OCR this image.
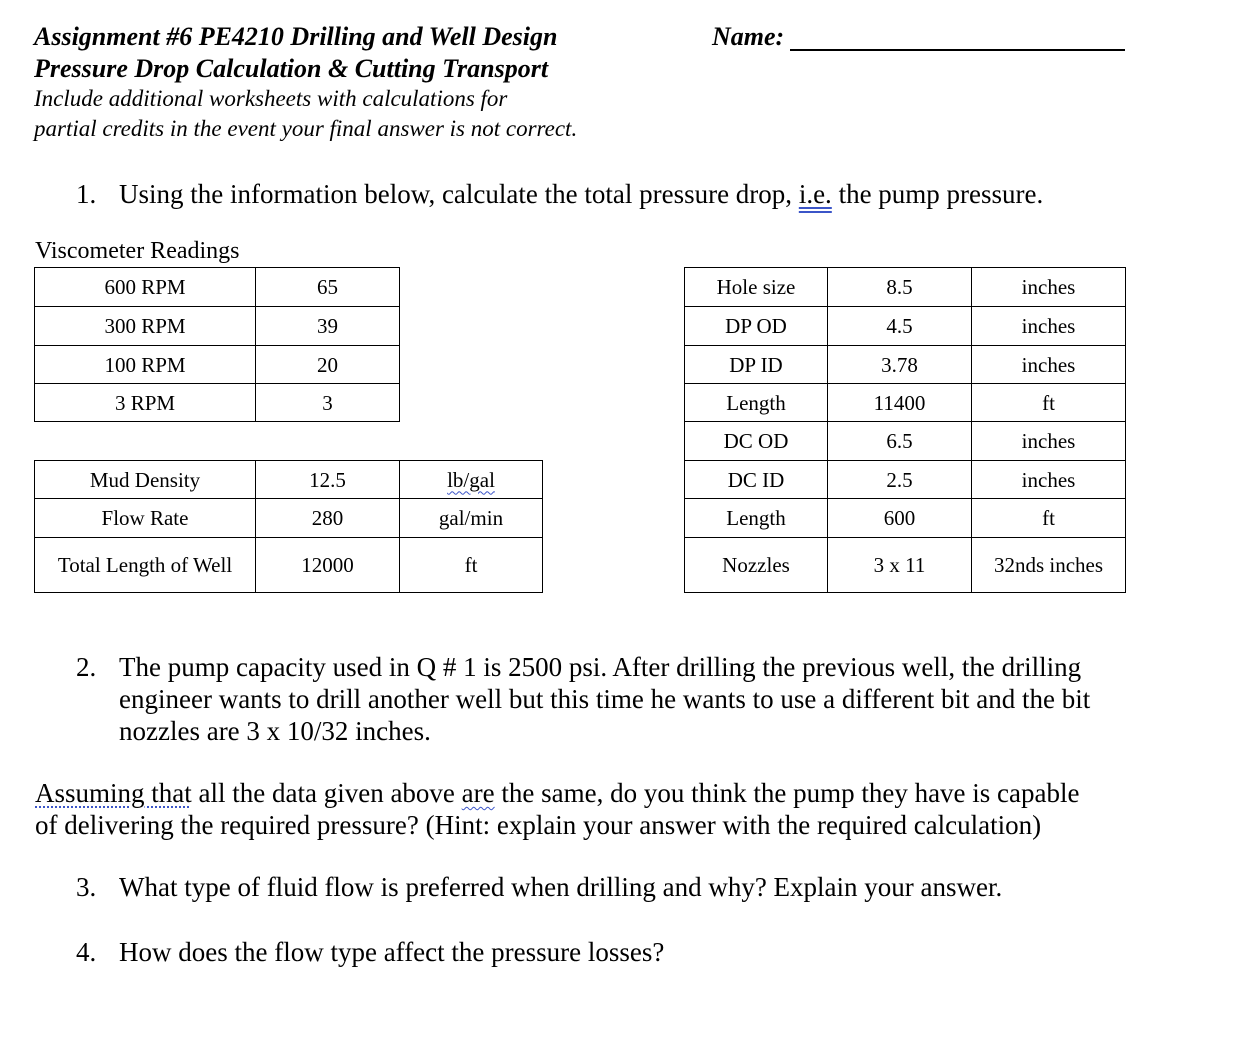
Assignment #6 PE4210 Drilling and Well Design
Pressure Drop Calculation & Cutting Transport
Include additional worksheets with calculations for
partial credits in the event your final answer is not correct.
Name:
1. Using the information below, calculate the total pressure drop, i.e. the pump pressure.
Viscometer Readings
600 RPM	65
300 RPM	39
100 RPM	20
3 RPM	3
Mud Density	12.5	lb/gal
Flow Rate	280	gal/min
Total Length of Well	12000	ft
Hole size	8.5	inches
DP OD	4.5	inches
DP ID	3.78	inches
Length	11400	ft
DC OD	6.5	inches
DC ID	2.5	inches
Length	600	ft
Nozzles	3 x 11	32nds inches
2. The pump capacity used in Q # 1 is 2500 psi. After drilling the previous well, the drilling
engineer wants to drill another well but this time he wants to use a different bit and the bit
nozzles are 3 x 10/32 inches.
Assuming that all the data given above are the same, do you think the pump they have is capable
of delivering the required pressure? (Hint: explain your answer with the required calculation)
3. What type of fluid flow is preferred when drilling and why? Explain your answer.
4. How does the flow type affect the pressure losses?
